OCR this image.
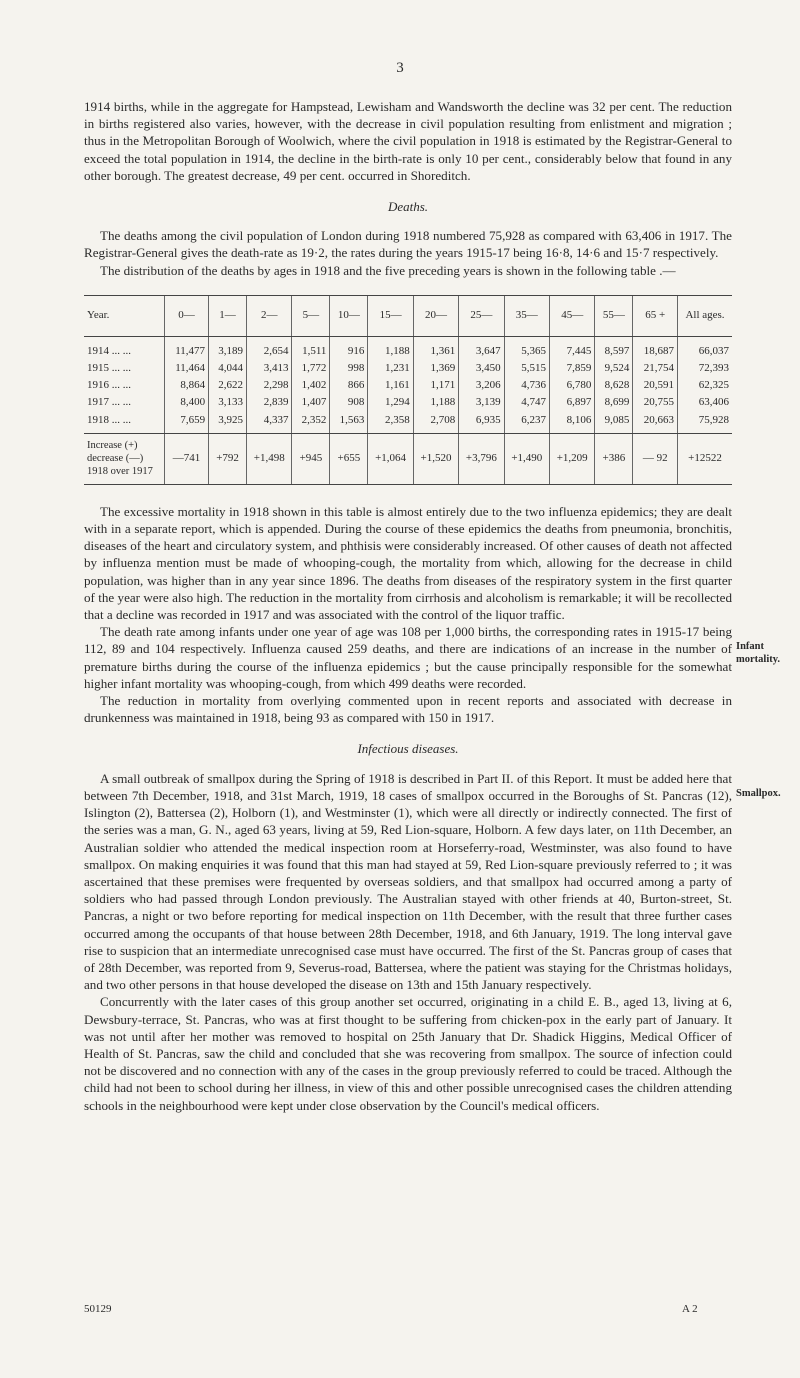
3

1914 births, while in the aggregate for Hampstead, Lewisham and Wandsworth the decline was 32 per cent. The reduction in births registered also varies, however, with the decrease in civil population resulting from enlistment and migration ; thus in the Metropolitan Borough of Woolwich, where the civil population in 1918 is estimated by the Registrar-General to exceed the total population in 1914, the decline in the birth-rate is only 10 per cent., considerably below that found in any other borough. The greatest decrease, 49 per cent. occurred in Shoreditch.

Deaths.

The deaths among the civil population of London during 1918 numbered 75,928 as compared with 63,406 in 1917. The Registrar-General gives the death-rate as 19·2, the rates during the years 1915-17 being 16·8, 14·6 and 15·7 respectively.

The distribution of the deaths by ages in 1918 and the five preceding years is shown in the following table .—

Year.	0—	1—	2—	5—	10—	15—	20—	25—	35—	45—	55—	65 +	All ages.
1914 ... ...	11,477	3,189	2,654	1,511	916	1,188	1,361	3,647	5,365	7,445	8,597	18,687	66,037
1915 ... ...	11,464	4,044	3,413	1,772	998	1,231	1,369	3,450	5,515	7,859	9,524	21,754	72,393
1916 ... ...	8,864	2,622	2,298	1,402	866	1,161	1,171	3,206	4,736	6,780	8,628	20,591	62,325
1917 ... ...	8,400	3,133	2,839	1,407	908	1,294	1,188	3,139	4,747	6,897	8,699	20,755	63,406
1918 ... ...	7,659	3,925	4,337	2,352	1,563	2,358	2,708	6,935	6,237	8,106	9,085	20,663	75,928
Increase (+) decrease (—) 1918 over 1917	—741	+792	+1,498	+945	+655	+1,064	+1,520	+3,796	+1,490	+1,209	+386	— 92	+12522

The excessive mortality in 1918 shown in this table is almost entirely due to the two influenza epidemics; they are dealt with in a separate report, which is appended. During the course of these epidemics the deaths from pneumonia, bronchitis, diseases of the heart and circulatory system, and phthisis were considerably increased. Of other causes of death not affected by influenza mention must be made of whooping-cough, the mortality from which, allowing for the decrease in child population, was higher than in any year since 1896. The deaths from diseases of the respiratory system in the first quarter of the year were also high. The reduction in the mortality from cirrhosis and alcoholism is remarkable; it will be recollected that a decline was recorded in 1917 and was associated with the control of the liquor traffic.

The death rate among infants under one year of age was 108 per 1,000 births, the corresponding rates in 1915-17 being 112, 89 and 104 respectively. Influenza caused 259 deaths, and there are indications of an increase in the number of premature births during the course of the influenza epidemics ; but the cause principally responsible for the somewhat higher infant mortality was whooping-cough, from which 499 deaths were recorded.

The reduction in mortality from overlying commented upon in recent reports and associated with decrease in drunkenness was maintained in 1918, being 93 as compared with 150 in 1917.

Infectious diseases.

A small outbreak of smallpox during the Spring of 1918 is described in Part II. of this Report. It must be added here that between 7th December, 1918, and 31st March, 1919, 18 cases of smallpox occurred in the Boroughs of St. Pancras (12), Islington (2), Battersea (2), Holborn (1), and Westminster (1), which were all directly or indirectly connected. The first of the series was a man, G. N., aged 63 years, living at 59, Red Lion-square, Holborn. A few days later, on 11th December, an Australian soldier who attended the medical inspection room at Horseferry-road, Westminster, was also found to have smallpox. On making enquiries it was found that this man had stayed at 59, Red Lion-square previously referred to ; it was ascertained that these premises were frequented by overseas soldiers, and that smallpox had occurred among a party of soldiers who had passed through London previously. The Australian stayed with other friends at 40, Burton-street, St. Pancras, a night or two before reporting for medical inspection on 11th December, with the result that three further cases occurred among the occupants of that house between 28th December, 1918, and 6th January, 1919. The long interval gave rise to suspicion that an intermediate unrecognised case must have occurred. The first of the St. Pancras group of cases that of 28th December, was reported from 9, Severus-road, Battersea, where the patient was staying for the Christmas holidays, and two other persons in that house developed the disease on 13th and 15th January respectively.

Concurrently with the later cases of this group another set occurred, originating in a child E. B., aged 13, living at 6, Dewsbury-terrace, St. Pancras, who was at first thought to be suffering from chicken-pox in the early part of January. It was not until after her mother was removed to hospital on 25th January that Dr. Shadick Higgins, Medical Officer of Health of St. Pancras, saw the child and concluded that she was recovering from smallpox. The source of infection could not be discovered and no connection with any of the cases in the group previously referred to could be traced. Although the child had not been to school during her illness, in view of this and other possible unrecognised cases the children attending schools in the neighbourhood were kept under close observation by the Council's medical officers.

Infant mortality.
Smallpox.
50129	A 2
